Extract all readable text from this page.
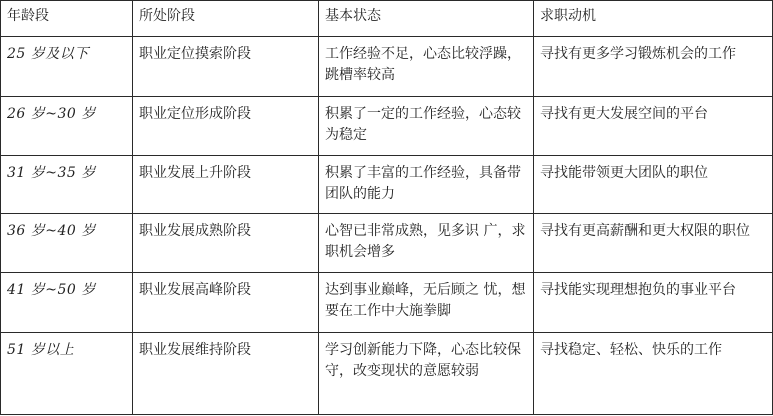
年龄段	所处阶段	基本状态	求职动机
25 岁及以下	职业定位摸索阶段	工作经验不足，心态比较浮躁，跳槽率较高	寻找有更多学习锻炼机会的工作
26 岁~30 岁	职业定位形成阶段	积累了一定的工作经验，心态较为稳定	寻找有更大发展空间的平台
31 岁~35 岁	职业发展上升阶段	积累了丰富的工作经验，具备带团队的能力	寻找能带领更大团队的职位
36 岁~40 岁	职业发展成熟阶段	心智已非常成熟，见多识 广，求职机会增多	寻找有更高薪酬和更大权限的职位
41 岁~50 岁	职业发展高峰阶段	达到事业巅峰，无后顾之 忧，想要在工作中大施拳脚	寻找能实现理想抱负的事业平台
51 岁以上	职业发展维持阶段	学习创新能力下降，心态比较保守，改变现状的意愿较弱	寻找稳定、轻松、快乐的工作
